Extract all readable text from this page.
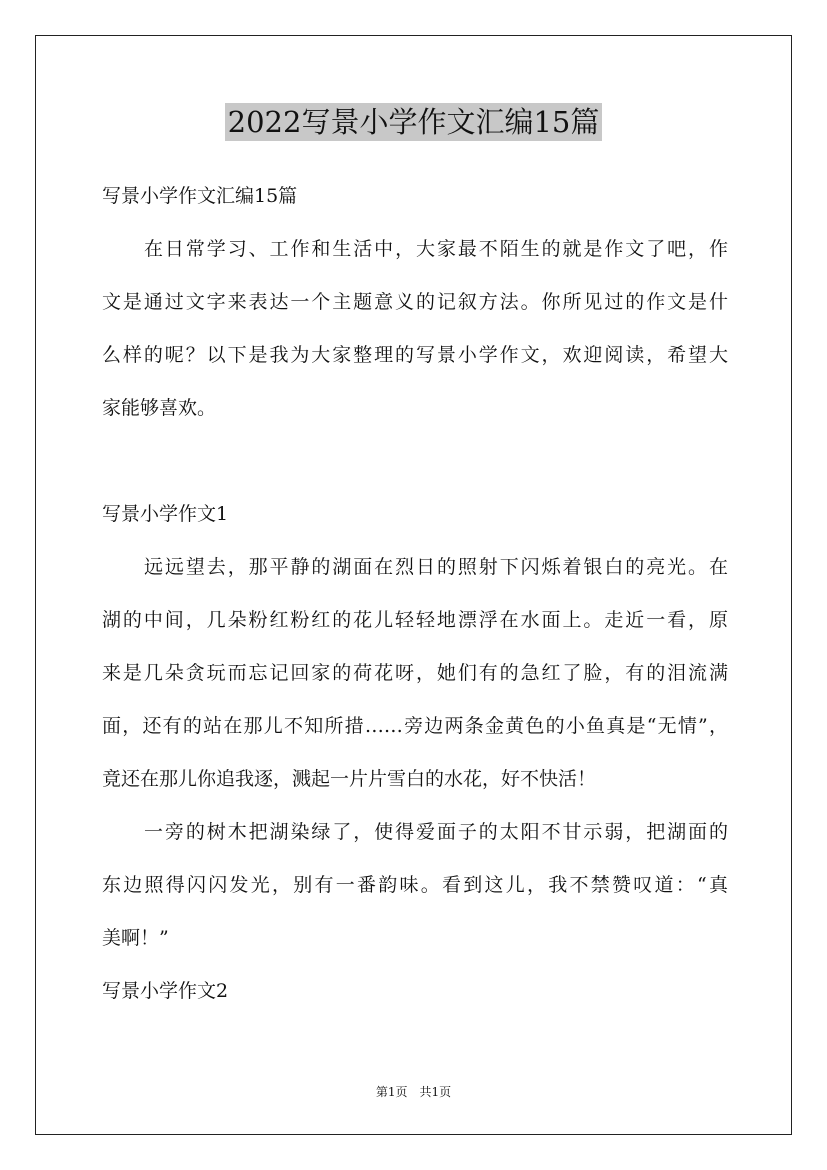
2022写景小学作文汇编15篇
写景小学作文汇编15篇
在日常学习、工作和生活中，大家最不陌生的就是作文了吧，作
文是通过文字来表达一个主题意义的记叙方法。你所见过的作文是什
么样的呢？以下是我为大家整理的写景小学作文，欢迎阅读，希望大
家能够喜欢。
写景小学作文1
远远望去，那平静的湖面在烈日的照射下闪烁着银白的亮光。在
湖的中间，几朵粉红粉红的花儿轻轻地漂浮在水面上。走近一看，原
来是几朵贪玩而忘记回家的荷花呀，她们有的急红了脸，有的泪流满
面，还有的站在那儿不知所措……旁边两条金黄色的小鱼真是“无情”，
竟还在那儿你追我逐，溅起一片片雪白的水花，好不快活！
一旁的树木把湖染绿了，使得爱面子的太阳不甘示弱，把湖面的
东边照得闪闪发光，别有一番韵味。看到这儿，我不禁赞叹道：“真
美啊！”
写景小学作文2
第1页　共1页
